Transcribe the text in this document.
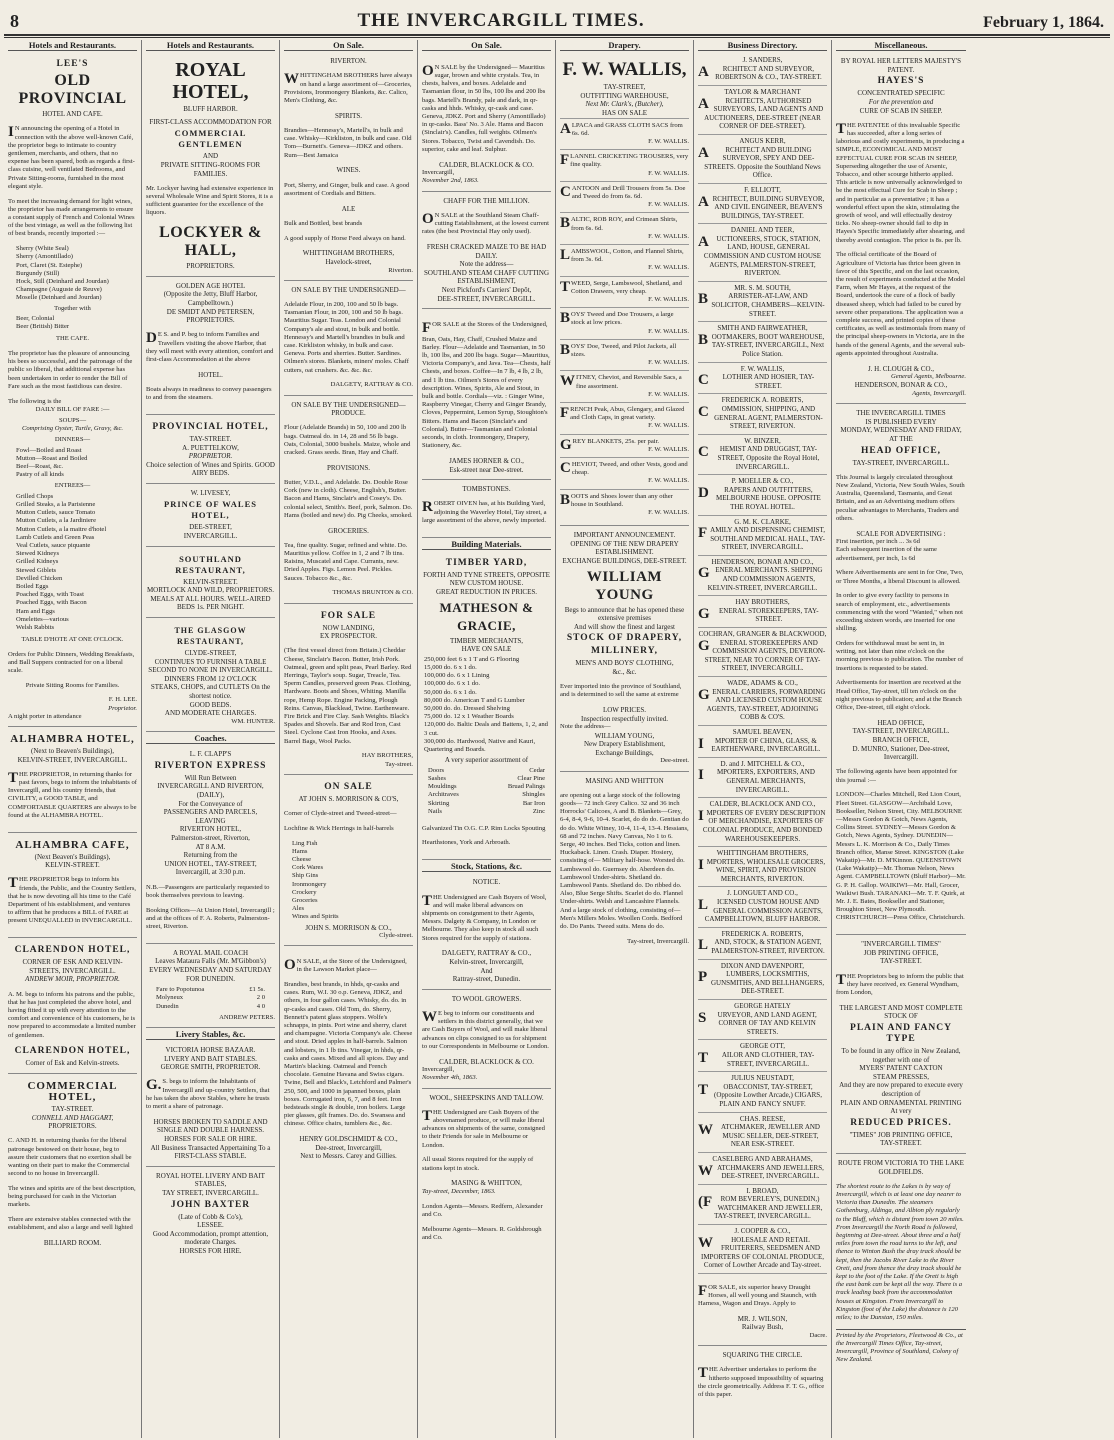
8	THE INVERCARGILL TIMES.	February 1, 1864.
Hotels and Restaurants.
LEE'S
OLD PROVINCIAL
HOTEL AND CAFE.

IN announcing the opening of a Hotel in connection with the above well-known Café, the proprietor begs to intimate to country gentlemen, merchants, and others, that no expense has been spared, both as regards a first-class cuisine, well ventilated Bedrooms, and Private Sitting-rooms, furnished in the most elegant style.

To meet the increasing demand for light wines, the proprietor has made arrangements to ensure a constant supply of French and Colonial Wines of the best vintage, as well as the following list of best brands, recently imported :—

Sherry (White Seal)
Sherry (Amontillado)
Port, Claret (St. Estephe)
Burgundy (Still)
Hock, Still (Deinhard and Jourdan)
Champagne (Auguste de Reuve)
Moselle (Deinhard and Jourdan)
Together with
Beer, Colonial
Beer (British) Bitter
THE CAFE.

The proprietor has the pleasure of announcing his bees so successful, and the patronage of the public so liberal, that additional expense has been undertaken in order to render the Bill of Fare such as the most fastidious can desire.

The following is the
DAILY BILL OF FARE :—
SOUPS—
Comprising Oyster, Turtle, Gravy, &c.
DINNERS—
Fowl—Boiled and Roast
Mutton—Roast and Boiled
Beef—Roast, &c.
Pastry of all kinds
ENTREES—
Grilled Chops
Grilled Steaks, a la Parisienne
Mutton Cutlets, sauce Tomato
Mutton Cutlets, a la Jardiniere
Mutton Cutlets, a la maitre d'hotel
Lamb Cutlets and Green Peas
Veal Cutlets, sauce piquante
Stewed Kidneys
Grilled Kidneys
Stewed Giblets
Devilled Chicken
Boiled Eggs
Poached Eggs, with Toast
Poached Eggs, with Bacon
Ham and Eggs
Omelettes—various
Welsh Rabbits
TABLE D'HOTE AT ONE O'CLOCK.

Orders for Public Dinners, Wedding Breakfasts, and Ball Suppers contracted for on a liberal scale.

Private Sitting Rooms for Families.
F. H. LEE.
Proprietor.
A night porter in attendance
ALHAMBRA HOTEL,
(Next to Beaven's Buildings),
KELVIN-STREET, INVERCARGILL.

THE PROPRIETOR, in returning thanks for past favors, begs to inform the inhabitants of Invercargill, and his country friends, that CIVILITY, a GOOD TABLE, and COMFORTABLE QUARTERS are always to be found at the ALHAMBRA HOTEL.

ALHAMBRA CAFE,
(Next Beaven's Buildings),
KELVIN-STREET.

THE PROPRIETOR begs to inform his friends, the Public, and the Country Settlers, that he is now devoting all his time to the Café Department of his establishment, and ventures to affirm that he produces a BILL of FARE at present UNEQUALLED in INVERCARGILL.

CLARENDON HOTEL,
CORNER OF ESK AND KELVIN-STREETS, INVERCARGILL.
ANDREW MOIR, PROPRIETOR.

A. M. begs to inform his patrons and the public, that he has just completed the above hotel, and having fitted it up with every attention to the comfort and convenience of his customers, he is now prepared to accommodate a limited number of gentlemen.

CLARENDON HOTEL,
Corner of Esk and Kelvin-streets.
COMMERCIAL HOTEL,
TAY-STREET.
CONNELL AND HAGGART,
PROPRIETORS.

C. AND H. in returning thanks for the liberal patronage bestowed on their house, beg to assure their customers that no exertion shall be wanting on their part to make the Commercial second to no house in Invercargill.

The wines and spirits are of the best description, being purchased for cash in the Victorian markets.

There are extensive stables connected with the establishment, and also a large and well lighted

BILLIARD ROOM.
Hotels and Restaurants.
ROYAL HOTEL,
BLUFF HARBOR.
FIRST-CLASS ACCOMMODATION FOR
COMMERCIAL GENTLEMEN
AND
PRIVATE SITTING-ROOMS FOR FAMILIES.

Mr. Lockyer having had extensive experience in several Wholesale Wine and Spirit Stores, it is a sufficient guarantee for the excellence of the liquors.

LOCKYER & HALL,
PROPRIETORS.
GOLDEN AGE HOTEL
(Opposite the Jetty, Bluff Harbor, Campbelltown.)
DE SMIDT AND PETERSEN, PROPRIETORS.

DE S. and P. beg to inform Families and Travellers visiting the above Harbor, that they will meet with every attention, comfort and first-class Accommodation at the above

HOTEL.

Boats always in readiness to convey passengers to and from the steamers.

PROVINCIAL HOTEL,
TAY-STREET.
A. PUETTELKOW,
PROPRIETOR.
Choice selection of Wines and Spirits. GOOD AIRY BEDS.
W. LIVESEY,
PRINCE OF WALES HOTEL,
DEE-STREET,
INVERCARGILL.
SOUTHLAND RESTAURANT,
KELVIN-STREET.
MORTLOCK AND WILD, PROPRIETORS.
MEALS AT ALL HOURS. WELL-AIRED BEDS 1s. PER NIGHT.
THE GLASGOW RESTAURANT,
CLYDE-STREET,
CONTINUES TO FURNISH A TABLE SECOND TO NONE IN INVERCARGILL.
DINNERS FROM 12 O'CLOCK
STEAKS, CHOPS, and CUTLETS On the shortest notice.
GOOD BEDS.
AND MODERATE CHARGES.
WM. HUNTER.
Coaches.
L. F. CLAPP'S
RIVERTON EXPRESS
Will Run Between
INVERCARGILL AND RIVERTON,
(DAILY),
For the Conveyance of
PASSENGERS AND PARCELS,
LEAVING
RIVERTON HOTEL,
Palmerston-street, Riverton,
AT 8 A.M.
Returning from the
UNION HOTEL, TAY-STREET,
Invercargill, at 3:30 p.m.

N.B.—Passengers are particularly requested to book themselves previous to leaving.

Booking Offices—At Union Hotel, Invercargill ; and at the offices of F. A. Roberts, Palmerston-street, Riverton.

A ROYAL MAIL COACH
Leaves Mataura Falls (Mr. M'Gibbon's)
EVERY WEDNESDAY AND SATURDAY
FOR DUNEDIN.
Fare to Popotunoa	£1 5s.
Molyneux	2 0
Dunedin	4 0
ANDREW PETERS.
Livery Stables, &c.
VICTORIA HORSE BAZAAR.
LIVERY AND BAIT STABLES.
GEORGE SMITH, PROPRIETOR.

G.S. begs to inform the Inhabitants of Invercargill and up-country Settlers, that he has taken the above Stables, where he trusts to merit a share of patronage.

HORSES BROKEN TO SADDLE AND SINGLE AND DOUBLE HARNESS.
HORSES FOR SALE OR HIRE.
All Business Transacted Appertaining To a
FIRST-CLASS STABLE.
ROYAL HOTEL LIVERY AND BAIT STABLES,
TAY STREET, INVERCARGILL.
JOHN BAXTER
(Late of Cobb & Co's),
LESSEE.
Good Accommodation, prompt attention, moderate Charges.
HORSES FOR HIRE.
On Sale.
RIVERTON.

WHITTINGHAM BROTHERS have always on hand a large assortment of—Groceries, Provisions, Ironmongery Blankets, &c. Calico, Men's Clothing, &c.

SPIRITS.

Brandies—Hennessy's, Martell's, in bulk and case. Whisky—Kirkliston, in bulk and case. Old Tom—Burnett's. Geneva—JDKZ and others. Rum—Best Jamaica

WINES.

Port, Sherry, and Ginger, bulk and case. A good assortment of Cordials and Bitters.

ALE

Bulk and Bottled, best brands

A good supply of Horse Feed always on hand.

WHITTINGHAM BROTHERS,
Havelock-street,
Riverton.
ON SALE BY THE UNDERSIGNED—

Adelaide Flour, in 200, 100 and 50 lb bags. Tasmanian Flour, in 200, 100 and 50 lb bags. Mauritius Sugar. Teas. London and Colonial Company's ale and stout, in bulk and bottle. Hennessy's and Martell's brandies in bulk and case. Kirkliston whisky, in bulk and case. Geneva. Ports and sherries. Butter. Sardines. Oilmen's stores. Blankets, miners' moles. Chaff cutters, oat crushers. &c. &c. &c.

DALGETY, RATTRAY & CO.
ON SALE BY THE UNDERSIGNED—
PRODUCE.

Flour (Adelaide Brands) in 50, 100 and 200 lb bags. Oatmeal do. in 14, 28 and 56 lb bags. Oats, Colonial, 3000 bushels. Maize, whole and cracked. Grass seeds. Bran, Hay and Chaff.

PROVISIONS.

Butter, V.D.L., and Adelaide. Do. Double Rose Cork (new in cloth). Cheese, English's, Butter. Bacon and Hams, Sinclair's and Cosey's. Do. colonial select, Smith's. Beef, pork, Salmon. Do. Hams (boiled and new) do. Pig Cheeks, smoked.

GROCERIES.

Tea, fine quality. Sugar, refined and white. Do. Mauritius yellow. Coffee in 1, 2 and 7 lb tins. Raisins, Muscatel and Cape. Currants, new. Dried Apples. Figs. Lemon Peel. Pickles. Sauces. Tobacco &c., &c.

THOMAS BRUNTON & CO.
FOR SALE
NOW LANDING,
EX PROSPECTOR.

(The first vessel direct from Britain.) Cheddar Cheese, Sinclair's Bacon. Butter, Irish Pork. Oatmeal, green and split peas, Pearl Barley. Red Herrings, Taylor's soup. Sugar, Treacle, Tea. Sperm Candles, preserved green Peas. Clothing, Hardware. Boots and Shoes, Whiting. Manilla rope, Hemp Rope. Engine Packing, Plough Reins. Canvas, Blacklead, Twine. Earthenware. Fire Brick and Fire Clay. Sash Weights. Black's Spades and Shovels. Bar and Rod Iron, Cast Steel. Cyclone Cast Iron Hooks, and Axes. Barrel Bags, Wool Packs.

HAY BROTHERS,
Tay-street.
ON SALE
AT JOHN S. MORRISON & CO'S,

Corner of Clyde-street and Tweed-street—

Lochfine & Wick Herrings in half-barrels

Ling Fish
Hams
Cheese
Cork Wares
Ship Gins
Ironmongery
Crockery
Groceries
Ales
Wines and Spirits
JOHN S. MORRISON & CO.,
Clyde-street.

ON SALE, at the Store of the Undersigned, in the Lawson Market place—

Brandies, best brands, in hhds, qr-casks and cases. Rum, W.I. 30 o.p. Geneva, JDKZ, and others, in four gallon cases. Whisky, do. do. in qr-casks and cases. Old Tom, do. Sherry, Bennett's patent glass stoppers. Wolfe's schnapps, in pints. Port wine and sherry, claret and champagne. Victoria Company's ale. Cheese and stout. Dried apples in half-barrels. Salmon and lobsters, in 1 lb tins. Vinegar, in hhds, qr-casks and cases. Mixed and all spices. Day and Martin's blacking. Oatmeal and French chocolate. Genuine Havana and Swiss cigars. Twine, Bell and Black's, Letchford and Palmer's 250, 500, and 1000 in japanned boxes, plain boxes. Corrugated iron, 6, 7, and 8 feet. Iron bedsteads single & double, iron boilers. Large pier glasses, gilt frames. Do. do. Swansea and chinese. Office chairs, tumblers &c., &c.

HENRY GOLDSCHMIDT & CO.,
Dee-street, Invercargill,
Next to Messrs. Carey and Gillies.
On Sale.

ON SALE by the Undersigned— Mauritius sugar, brown and white crystals. Tea, in chests, halves, and boxes. Adelaide and Tasmanian flour, in 50 lbs, 100 lbs and 200 lbs bags. Martell's Brandy, pale and dark, in qr-casks and hhds. Whisky, qr-cask and case. Geneva, JDKZ. Port and Sherry (Amontillado) in qr-casks. Bass' No. 3 Ale. Hams and Bacon (Sinclair's). Candles, full weights. Oilmen's Stores. Tobacco, Twist and Cavendish. Do. superior, cake and leaf. Sulphur.

CALDER, BLACKLOCK & CO.
Invercargill,
November 2nd, 1863.
CHAFF FOR THE MILLION.

ON SALE at the Southland Steam Chaff-cutting Establishment, at the lowest current rates (the best Provincial Hay only used).

FRESH CRACKED MAIZE TO BE HAD DAILY.
Note the address—
SOUTHLAND STEAM CHAFF CUTTING ESTABLISHMENT,
Next Pickford's Carriers' Depôt,
DEE-STREET, INVERCARGILL.

FOR SALE at the Stores of the Undersigned,

Bran, Oats, Hay, Chaff, Crushed Maize and Barley. Flour—Adelaide and Tasmanian, in 50 lb, 100 lbs, and 200 lbs bags. Sugar—Mauritius, Victoria Company's, and Java. Tea—Chests, half Chests, and boxes. Coffee—In 7 lb, 4 lb, 2 lb, and 1 lb tins. Oilmen's Stores of every description. Wines, Spirits, Ale and Stout, in bulk and bottle. Cordials—viz. : Ginger Wine, Raspberry Vinegar, Cherry and Ginger Brandy, Cloves, Peppermint, Lemon Syrup, Stoughton's Bitters. Hams and Bacon (Sinclair's and Colonial). Butter—Tasmanian and Colonial seconds, in cloth. Ironmongery, Drapery, Stationery, &c.

JAMES HORNER & CO.,
Esk-street near Dee-street.
TOMBSTONES.

ROBERT OIVEN has, at his Building Yard, adjoining the Waverley Hotel, Tay street, a large assortment of the above, newly imported.

Building Materials.
TIMBER YARD,
FORTH AND TYNE STREETS, OPPOSITE NEW CUSTOM HOUSE.
GREAT REDUCTION IN PRICES.
MATHESON & GRACIE,
TIMBER MERCHANTS,
HAVE ON SALE
250,000 feet 6 x 1 T and G Flooring
15,000 do. 6 x 1 do.
100,000 do. 6 x 1 Lining
100,000 do. 6 x 1 do.
50,000 do. 6 x 1 do.
80,000 do. American T and G Lumber
50,000 do. do. Dressed Shelving
75,000 do. 12 x 1 Weather Boards
120,000 do. Baltic Deals and Battens, 1, 2, and 3 cut.
300,000 do. Hardwood, Native and Kauri, Quartering and Boards.
A very superior assortment of
Doors	Cedar
Sashes	Clear Pine
Mouldings	Bruad Palings
Architraves	Shingles
Skirting	Bar Iron
Nails	Zinc

Galvanized Tin O.G. C.P. Rim Locks Spouting

Hearthstones, York and Arbroath.

Stock, Stations, &c.
NOTICE.

THE Undersigned are Cash Buyers of Wool, and will make liberal advances on shipments on consignment to their Agents, Messrs. Dalgety & Company, in London or Melbourne. They also keep in stock all such Stores required for the supply of stations.

DALGETY, RATTRAY & CO.,
Kelvin-street, Invercargill,
And
Rattray-street, Dunedin.
TO WOOL GROWERS.

WE beg to inform our constituents and settlers in this district generally, that we are Cash Buyers of Wool, and will make liberal advances on clips consigned to us for shipment to our Correspondents in Melbourne or London.

CALDER, BLACKLOCK & CO.
Invercargill,
November 4th, 1863.
WOOL, SHEEPSKINS AND TALLOW.

THE Undersigned are Cash Buyers of the abovenamed produce, or will make liberal advances on shipments of the same, consigned to their Friends for sale in Melbourne or London.

All usual Stores required for the supply of stations kept in stock.

MASING & WHITTON,
Tay-street, December, 1863.

London Agents—Messrs. Redfern, Alexander and Co.

Melbourne Agents—Messrs. R. Goldsbrough and Co.

Drapery.
F. W. WALLIS,
TAY-STREET,
OUTFITTING WAREHOUSE,
Next Mr. Clark's, (Butcher),
HAS ON SALE

ALPACA and GRASS CLOTH SACS from 6s. 6d.

F. W. WALLIS.

FLANNEL CRICKETING TROUSERS, very fine quality.

F. W. WALLIS.

CANTOON and Drill Trousers from 5s. Doe and Tweed do from 6s. 6d.

F. W. WALLIS.

BALTIC, ROB ROY, and Crimean Shirts, from 6s. 6d.

F. W. WALLIS.

LAMBSWOOL, Cotton, and Flannel Shirts, from 3s. 6d.

F. W. WALLIS.

TWEED, Serge, Lambswool, Shetland, and Cotton Drawers, very cheap.

F. W. WALLIS.

BOYS' Tweed and Doe Trousers, a large stock at low prices.

F. W. WALLIS.

BOYS' Doe, Tweed, and Pilot Jackets, all sizes.

F. W. WALLIS.

WITNEY, Cheviot, and Reversible Sacs, a fine assortment.

F. W. WALLIS.

FRENCH Peak, Abus, Glengary, and Glazed and Cloth Caps, in great variety.

F. W. WALLIS.

GREY BLANKETS, 25s. per pair.

F. W. WALLIS.

CHEVIOT, Tweed, and other Vests, good and cheap.

F. W. WALLIS.

BOOTS and Shoes lower than any other house in Southland.

F. W. WALLIS.
IMPORTANT ANNOUNCEMENT.
OPENING OF THE NEW DRAPERY ESTABLISHMENT.
EXCHANGE BUILDINGS, DEE-STREET.
WILLIAM YOUNG
Begs to announce that he has opened these extensive premises
And will show the finest and largest
STOCK OF DRAPERY,
MILLINERY,
MEN'S AND BOYS' CLOTHING,
&c., &c.

Ever imported into the province of Southland, and is determined to sell the same at extreme

LOW PRICES.
Inspection respectfully invited.
Note the address—
WILLIAM YOUNG,
New Drapery Establishment,
Exchange Buildings,
Dee-street.
MASING AND WHITTON

are opening out a large stock of the following goods— 72 inch Grey Calico. 32 and 36 inch Horrocks' Calicoes, A and B. Blankets—Grey, 6-4, 8-4, 9-6, 10-4. Scarlet, do do do. Gentian do do do. White Witney, 10-4, 11-4, 13-4. Hessians, 68 and 72 inches. Navy Canvas, No 1 to 6. Serge, 40 inches. Bed Ticks, cotton and linen. Huckaback. Linen. Crash. Diaper. Hosiery, consisting of— Military half-hose. Worsted do. Lambswool do. Guernsey do. Aberdeen do. Lambswool Under-shirts. Shetland do. Lambswool Pants. Shetland do. Do ribbed do. Also, Blue Serge Shifts. Scarlet do do. Flannel Under-shirts. Welsh and Lancashire Flannels. And a large stock of clothing, consisting of— Men's Millers Moles. Woollen Cords. Bedford do. Do Pants. Tweed suits. Mens do do.

Tay-street, Invercargill.
Business Directory.
J. SANDERS,
ARCHITECT AND SURVEYOR, ROBERTSON & CO., TAY-STREET.
TAYLOR & MARCHANT
ARCHITECTS, AUTHORISED SURVEYORS, LAND AGENTS AND AUCTIONEERS, DEE-STREET (NEAR CORNER OF DEE-STREET).
ANGUS KERR,
ARCHITECT AND BUILDING SURVEYOR, SPEY AND DEE-STREETS. Opposite the Southland News Office.
F. ELLIOTT,
ARCHITECT, BUILDING SURVEYOR, AND CIVIL ENGINEER, BEAVEN'S BUILDINGS, TAY-STREET.
DANIEL AND TEER,
AUCTIONEERS, STOCK, STATION, LAND, HOUSE, GENERAL COMMISSION AND CUSTOM HOUSE AGENTS, PALMERSTON-STREET, RIVERTON.
MR. S. M. SOUTH,
BARRISTER-AT-LAW, AND SOLICITOR, CHAMBERS—KELVIN-STREET.
SMITH AND FAIRWEATHER,
BOOTMAKERS, BOOT WAREHOUSE, TAY-STREET, INVERCARGILL, Next Police Station.
F. W. WALLIS,
CLOTHIER AND HOSIER, TAY-STREET.
FREDERICK A. ROBERTS,
COMMISSION, SHIPPING, AND GENERAL AGENT, PALMERSTON-STREET, RIVERTON.
W. BINZER,
CHEMIST AND DRUGGIST, TAY-STREET, Opposite the Royal Hotel, INVERCARGILL.
P. MOELLER & CO.,
DRAPERS AND OUTFITTERS, MELBOURNE HOUSE. OPPOSITE THE ROYAL HOTEL.
G. M. K. CLARKE,
FAMILY AND DISPENSING CHEMIST, SOUTHLAND MEDICAL HALL, TAY-STREET, INVERCARGILL.
HENDERSON, BONAR AND CO.,
GENERAL MERCHANTS. SHIPPING AND COMMISSION AGENTS, KELVIN-STREET, INVERCARGILL.
HAY BROTHERS,
GENERAL STOREKEEPERS, TAY-STREET.
COCHRAN, GRANGER & BLACKWOOD,
GENERAL STOREKEEPERS AND COMMISSION AGENTS, DEVERON-STREET, NEAR TO CORNER OF TAY-STREET, INVERCARGILL.
WADE, ADAMS & CO.,
GENERAL CARRIERS, FORWARDING AND LICENSED CUSTOM HOUSE AGENTS, TAY-STREET, ADJOINING COBB & CO'S.
SAMUEL BEAVEN,
IMPORTER OF CHINA, GLASS, & EARTHENWARE, INVERCARGILL.
D. and J. MITCHELL & CO.,
IMPORTERS, EXPORTERS, AND GENERAL MERCHANTS, INVERCARGILL.
CALDER, BLACKLOCK AND CO.,
IMPORTERS OF EVERY DESCRIPTION OF MERCHANDISE, EXPORTERS OF COLONIAL PRODUCE, AND BONDED WAREHOUSEKEEPERS.
WHITTINGHAM BROTHERS,
IMPORTERS, WHOLESALE GROCERS, WINE, SPIRIT, AND PROVISION MERCHANTS, RIVERTON.
J. LONGUET AND CO.,
LICENSED CUSTOM HOUSE AND GENERAL COMMISSION AGENTS, CAMPBELLTOWN, BLUFF HARBOR.
FREDERICK A. ROBERTS,
LAND, STOCK, & STATION AGENT, PALMERSTON-STREET, RIVERTON.
DIXON AND DAVENPORT,
PLUMBERS, LOCKSMITHS, GUNSMITHS, AND BELLHANGERS, DEE-STREET.
GEORGE HATELY
SURVEYOR, AND LAND AGENT, CORNER OF TAY AND KELVIN STREETS.
GEORGE OTT,
TAILOR AND CLOTHIER, TAY-STREET, INVERCARGILL.
JULIUS NEUSTADT,
TOBACCONIST, TAY-STREET, (Opposite Lowther Arcade,) CIGARS, PLAIN AND FANCY SNUFF.
CHAS. REESE,
WATCHMAKER, JEWELLER AND MUSIC SELLER, DEE-STREET, NEAR ESK-STREET.
CASELBERG AND ABRAHAMS,
WATCHMAKERS AND JEWELLERS, DEE-STREET, INVERCARGILL.
I. BROAD,
(FROM BEVERLEY'S, DUNEDIN,) WATCHMAKER AND JEWELLER, TAY-STREET, INVERCARGILL.
J. COOPER & CO.,
WHOLESALE AND RETAIL FRUITERERS, SEEDSMEN AND IMPORTERS OF COLONIAL PRODUCE, Corner of Lowther Arcade and Tay-street.

FOR SALE, six superior heavy Draught Horses, all well young and Staunch, with Harness, Wagon and Drays. Apply to

MR. J. WILSON,
Railway Bush,
Dacre.
SQUARING THE CIRCLE.

THE Advertiser undertakes to perform the hitherto supposed impossibility of squaring the circle geometrically. Address F. T. G., office of this paper.

Miscellaneous.
BY ROYAL HER LETTERS MAJESTY'S PATENT.
HAYES'S
CONCENTRATED SPECIFIC
For the prevention and
CURE OF SCAB IN SHEEP.

THE PATENTEE of this invaluable Specific has succeeded, after a long series of laborious and costly experiments, in producing a SIMPLE, ECONOMICAL AND MOST EFFECTUAL CURE FOR SCAB IN SHEEP, Superseding altogether the use of Arsenic, Tobacco, and other scourge hitherto applied. This article is now universally acknowledged to be the most effectual Cure for Scab in Sheep ; and in particular as a preventative ; it has a wonderful effect upon the skin, stimulating the growth of wool, and will effectually destroy ticks. No sheep-owner should fail to dip in Hayes's Specific immediately after shearing, and thereby avoid contagion. The price is 8s. per lb.

The official certificate of the Board of Agriculture of Victoria has thrice been given in favor of this Specific, and on the last occasion, the result of experiments conducted at the Model Farm, when Mr Hayes, at the request of the Board, undertook the cure of a flock of badly diseased sheep, which had failed to be cured by severe other preparations. The application was a complete success, and printed copies of these certificates, as well as testimonials from many of the principal sheep-owners in Victoria, are in the hands of the general Agents, and the several sub-agents appointed throughout Australia.

J. H. CLOUGH & CO.,
General Agents, Melbourne.
HENDERSON, BONAR & CO.,
Agents, Invercargill.
THE INVERCARGILL TIMES
IS PUBLISHED EVERY
MONDAY, WEDNESDAY AND FRIDAY,
AT THE
HEAD OFFICE,
TAY-STREET, INVERCARGILL.

This Journal is largely circulated throughout New Zealand, Victoria, New South Wales, South Australia, Queensland, Tasmania, and Great Britain, and as an Advertising medium offers peculiar advantages to Merchants, Traders and others.

SCALE FOR ADVERTISING :
First insertion, per inch ... 3s 6d
Each subsequent insertion of the same advertisement, per inch, 1s 6d

Where Advertisements are sent in for One, Two, or Three Months, a liberal Discount is allowed.

In order to give every facility to persons in search of employment, etc., advertisements commencing with the word "Wanted," when not exceeding sixteen words, are inserted for one shilling.

Orders for withdrawal must be sent in, in writing, not later than nine o'clock on the morning previous to publication. The number of insertions is requested to be stated.

Advertisements for insertion are received at the Head Office, Tay-street, till ten o'clock on the night previous to publication; and at the Branch Office, Dee-street, till eight o'clock.

HEAD OFFICE,
TAY-STREET, INVERCARGILL.
BRANCH OFFICE,
D. MUNRO, Stationer, Dee-street, Invercargill.

The following agents have been appointed for this journal :—

LONDON—Charles Mitchell, Red Lion Court, Fleet Street. GLASGOW—Archibald Love, Bookseller, Nelson Street, City. MELBOURNE—Messrs Gordon & Gotch, News Agents, Collins Street. SYDNEY—Messrs Gordon & Gotch, News Agents, Sydney. DUNEDIN—Messrs L. K. Morrison & Co., Daily Times Branch office, Manse Street. KINGSTON (Lake Wakatip)—Mr. D. M'Kinnon. QUEENSTOWN (Lake Wakatip)—Mr. Thomas Nelson, News Agent. CAMPBELLTOWN (Bluff Harbor)—Mr. G. P. H. Gallop. WAIKIWI—Mr. Hall, Grocer, Waikiwi Bush. TARANAKI—Mr. T. F. Quirk, at Mr. J. E. Bates, Bookseller and Stationer, Broughton Street, New Plymouth. CHRISTCHURCH—Press Office, Christchurch.

"INVERCARGILL TIMES"
JOB PRINTING OFFICE,
TAY-STREET.

THE Proprietors beg to inform the public that they have received, ex General Wyndham, from London,

THE LARGEST AND MOST COMPLETE STOCK OF
PLAIN AND FANCY TYPE
To be found in any office in New Zealand, together with one of
MYERS' PATENT CAXTON
STEAM PRESSES,
And they are now prepared to execute every description of
PLAIN AND ORNAMENTAL PRINTING
At very
REDUCED PRICES.
"TIMES" JOB PRINTING OFFICE,
TAY-STREET.
ROUTE FROM VICTORIA TO THE LAKE GOLDFIELDS.

The shortest route to the Lakes is by way of Invercargill, which is at least one day nearer to Victoria than Dunedin. The steamers Gothenburg, Aldinga, and Albion ply regularly to the Bluff, which is distant from town 20 miles. From Invercargill the North Road is followed, beginning at Dee-street. About three and a half miles from town the road turns to the left, and thence to Winton Bush the dray track should be kept, then the Jacobs River Lake to the River Oreti, and from thence the dray track should be kept to the foot of the Lake. If the Oreti is high the east bank can be kept all the way. There is a track leading back from the accommodation houses at Kingston. From Invercargill to Kingston (foot of the Lake) the distance is 120 miles; to the Dunstan, 150 miles.

Printed by the Proprietors, Fleetwood & Co., at the Invercargill Times Office, Tay-street, Invercargill, Province of Southland, Colony of New Zealand.
